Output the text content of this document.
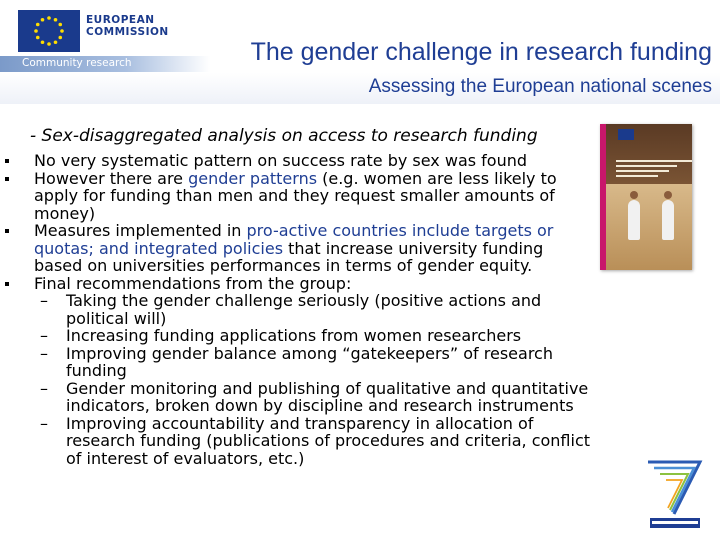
EUROPEAN
COMMISSION
Community research	The gender challenge in research funding
Assessing the European national scenes
- Sex-disaggregated analysis on access to research funding

No very systematic pattern on success rate by sex was found

However there are gender patterns (e.g. women are less likely to apply for funding than men and they request smaller amounts of money)

Measures implemented in pro-active countries include targets or quotas; and integrated policies that increase university funding based on universities performances in terms of gender equity.

Final recommendations from the group:

– Taking the gender challenge seriously (positive actions and political will)

– Increasing funding applications from women researchers

– Improving gender balance among “gatekeepers” of research funding

– Gender monitoring and publishing of qualitative and quantitative indicators, broken down by discipline and research instruments

– Improving accountability and transparency in allocation of research funding (publications of procedures and criteria, conflict of interest of evaluators, etc.)
